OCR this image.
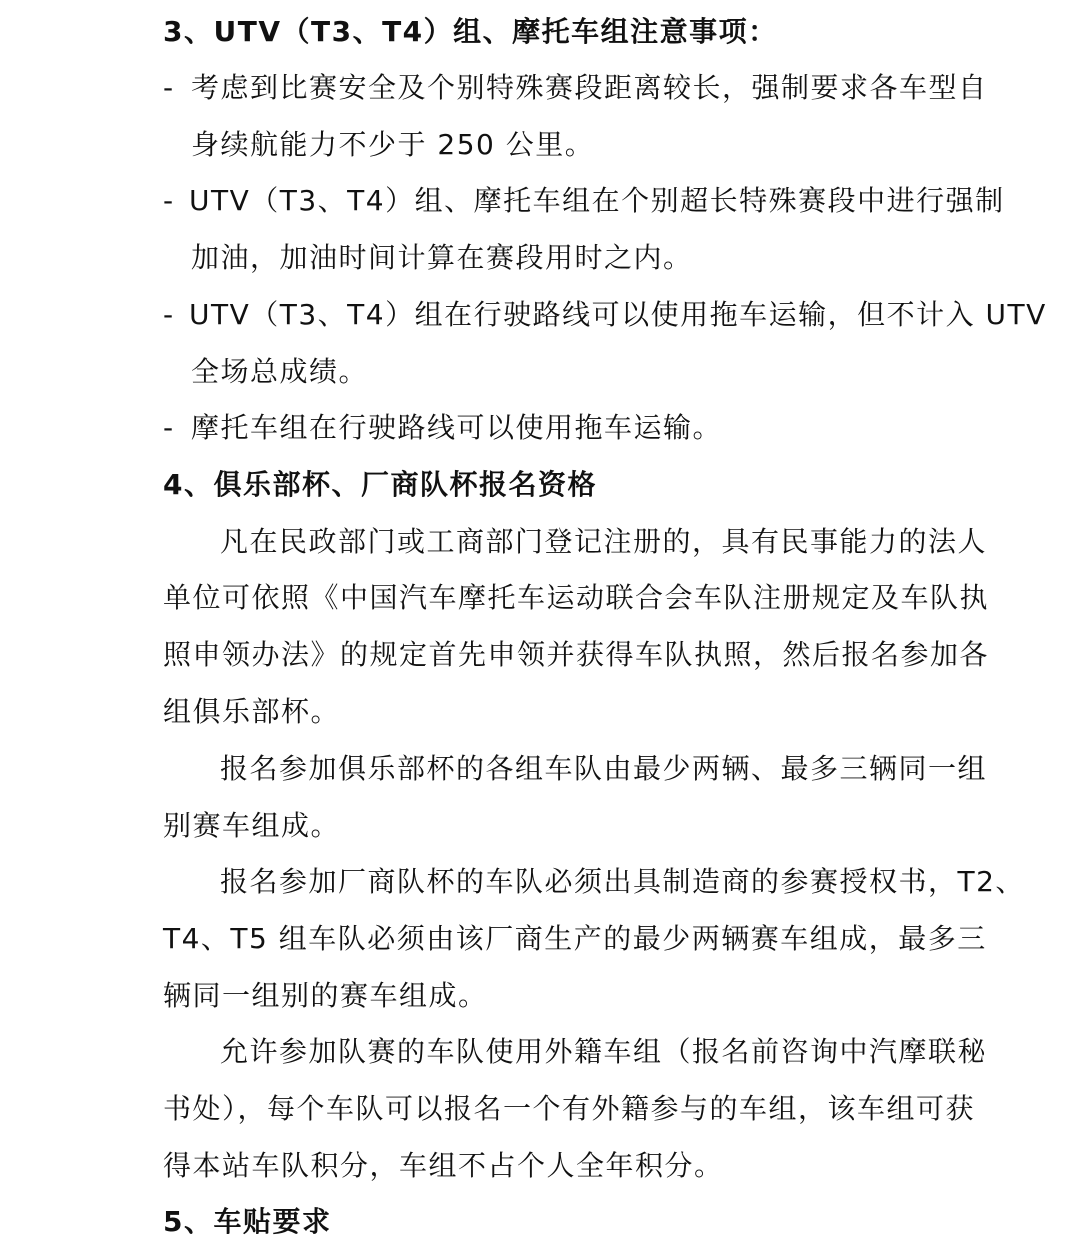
3、UTV（T3、T4）组、摩托车组注意事项：
- 考虑到比赛安全及个别特殊赛段距离较长，强制要求各车型自

身续航能力不少于 250 公里。

- UTV（T3、T4）组、摩托车组在个别超长特殊赛段中进行强制

加油，加油时间计算在赛段用时之内。

- UTV（T3、T4）组在行驶路线可以使用拖车运输，但不计入 UTV

全场总成绩。

- 摩托车组在行驶路线可以使用拖车运输。

4、俱乐部杯、厂商队杯报名资格

凡在民政部门或工商部门登记注册的，具有民事能力的法人

单位可依照《中国汽车摩托车运动联合会车队注册规定及车队执

照申领办法》的规定首先申领并获得车队执照，然后报名参加各

组俱乐部杯。

报名参加俱乐部杯的各组车队由最少两辆、最多三辆同一组

别赛车组成。

报名参加厂商队杯的车队必须出具制造商的参赛授权书，T2、

T4、T5 组车队必须由该厂商生产的最少两辆赛车组成，最多三

辆同一组别的赛车组成。

允许参加队赛的车队使用外籍车组（报名前咨询中汽摩联秘

书处），每个车队可以报名一个有外籍参与的车组，该车组可获

得本站车队积分，车组不占个人全年积分。

5、车贴要求
